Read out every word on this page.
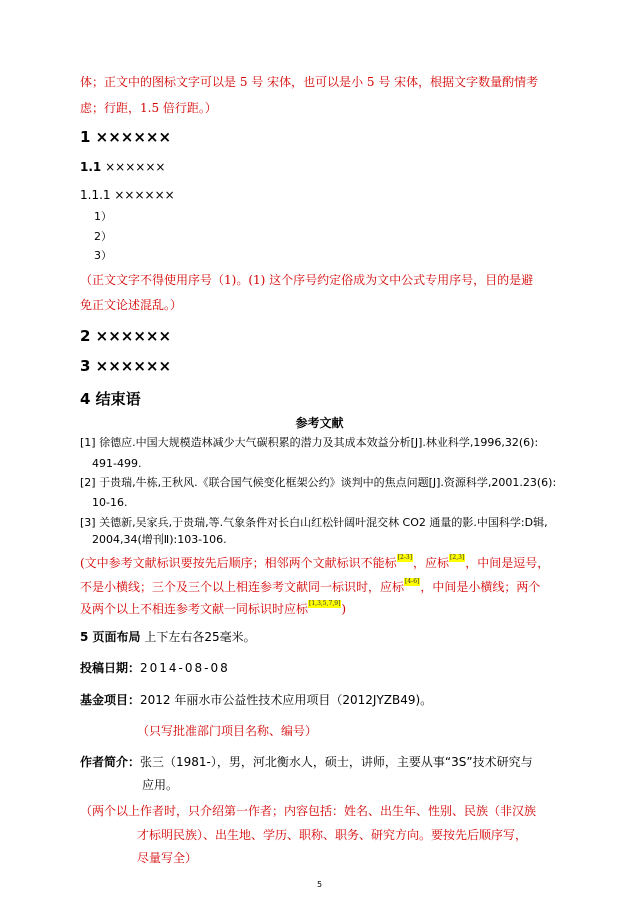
体；正文中的图标文字可以是 5 号 宋体，也可以是小 5 号 宋体，根据文字数量酌情考
虑；行距，1.5 倍行距。）
1 ××××××
1.1 ××××××
1.1.1 ××××××
1）
2）
3）
（正文文字不得使用序号（1)。(1) 这个序号约定俗成为文中公式专用序号，目的是避
免正文论述混乱。）
2 ××××××
3 ××××××
4 结束语
参考文献
[1] 徐德应.中国大规模造林减少大气碳积累的潜力及其成本效益分析[J].林业科学,1996,32(6):
491-499.
[2] 于贵瑞,牛栋,王秋风.《联合国气候变化框架公约》谈判中的焦点问题[J].资源科学,2001.23(6):
10-16.
[3] 关德新,吴家兵,于贵瑞,等.气象条件对长白山红松针阔叶混交林 CO2 通量的影.中国科学:D辑,
2004,34(增刊Ⅱ):103-106.
(文中参考文献标识要按先后顺序；相邻两个文献标识不能标[2-3]，应标[2,3]，中间是逗号，
不是小横线；三个及三个以上相连参考文献同一标识时，应标[4-6]，中间是小横线；两个
及两个以上不相连参考文献一同标识时应标[1,3,5,7,9])
5 页面布局 上下左右各25毫米。
投稿日期：2014-08-08
基金项目：2012 年丽水市公益性技术应用项目（2012JYZB49)。
（只写批准部门项目名称、编号）
作者简介：张三（1981-），男，河北衡水人，硕士，讲师，主要从事“3S”技术研究与
应用。
（两个以上作者时，只介绍第一作者；内容包括：姓名、出生年、性别、民族（非汉族
才标明民族）、出生地、学历、职称、职务、研究方向。要按先后顺序写，
尽量写全）
5
